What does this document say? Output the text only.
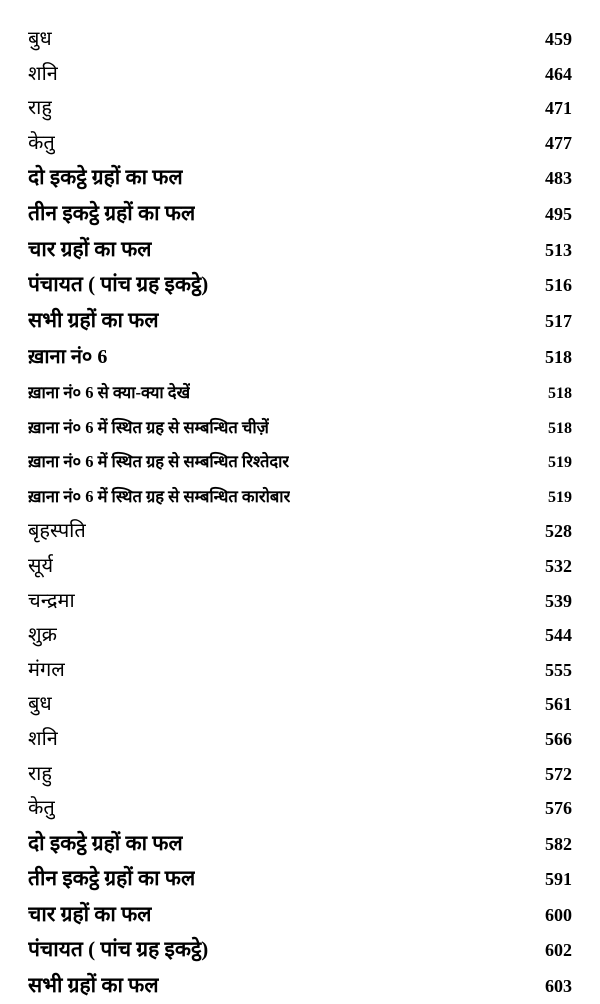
बुध	459
शनि	464
राहु	471
केतु	477
दो इकट्ठे ग्रहों का फल	483
तीन इकट्ठे ग्रहों का फल	495
चार ग्रहों का फल	513
पंचायत ( पांच ग्रह इकट्ठे)	516
सभी ग्रहों का फल	517
ख़ाना नं० 6	518
ख़ाना नं० 6 से क्या-क्या देखें	518
ख़ाना नं० 6 में स्थित ग्रह से सम्बन्धित चीज़ें	518
ख़ाना नं० 6 में स्थित ग्रह से सम्बन्धित रिश्तेदार	519
ख़ाना नं० 6 में स्थित ग्रह से सम्बन्धित कारोबार	519
बृहस्पति	528
सूर्य	532
चन्द्रमा	539
शुक्र	544
मंगल	555
बुध	561
शनि	566
राहु	572
केतु	576
दो इकट्ठे ग्रहों का फल	582
तीन इकट्ठे ग्रहों का फल	591
चार ग्रहों का फल	600
पंचायत ( पांच ग्रह इकट्ठे)	602
सभी ग्रहों का फल	603
